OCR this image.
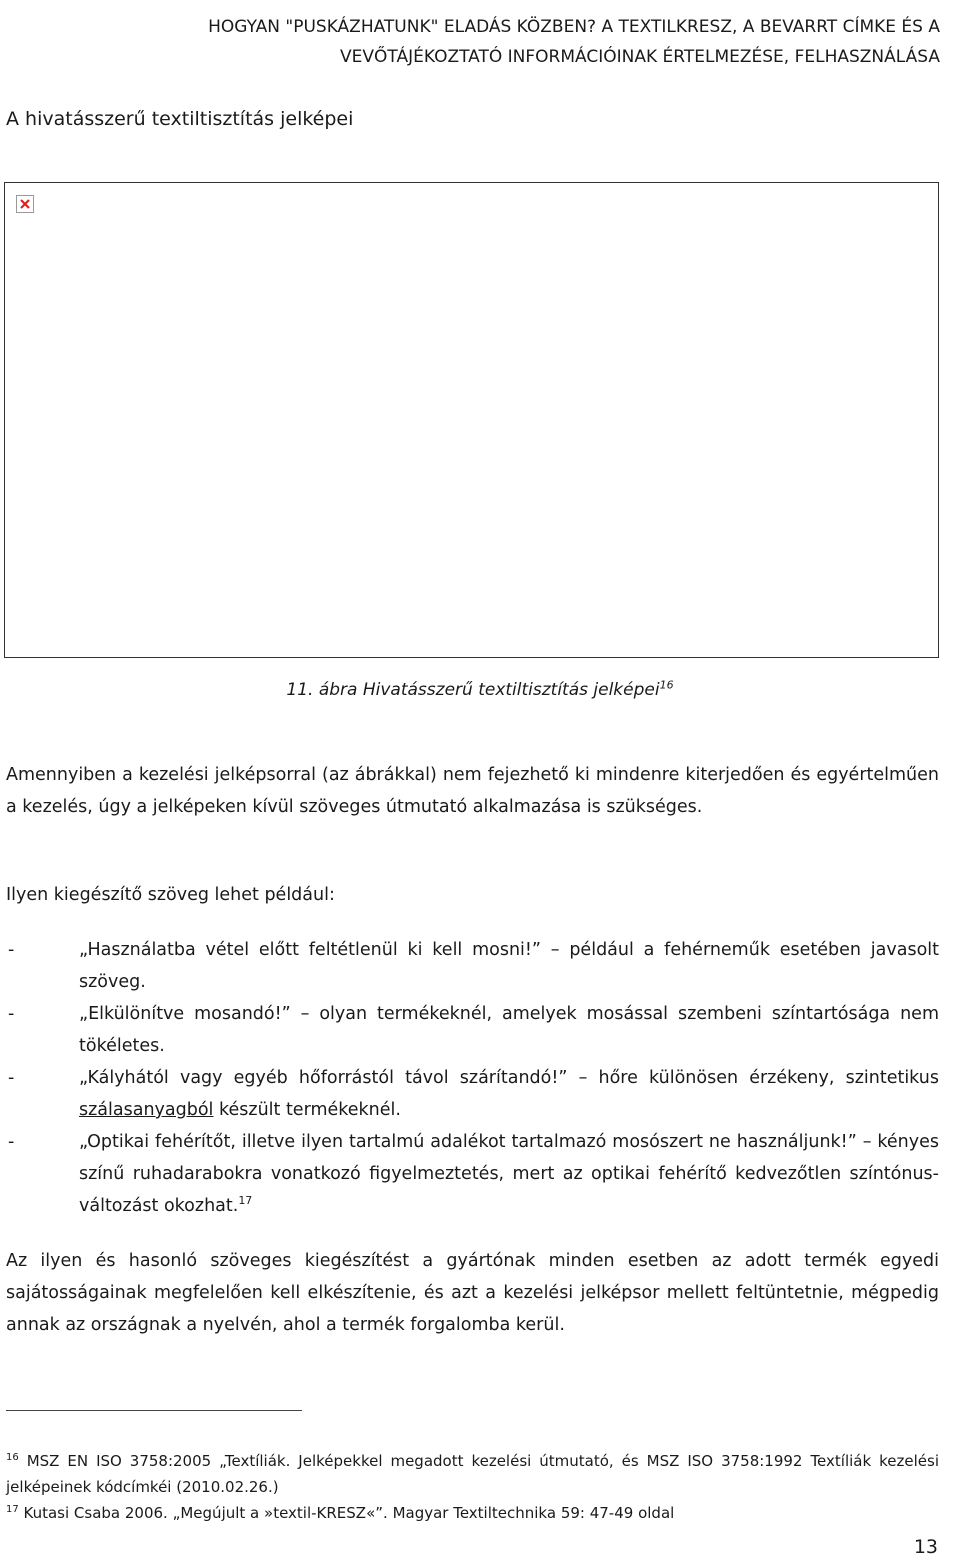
HOGYAN "PUSKÁZHATUNK" ELADÁS KÖZBEN? A TEXTILKRESZ, A BEVARRT CÍMKE ÉS A
VEVŐTÁJÉKOZTATÓ INFORMÁCIÓINAK ÉRTELMEZÉSE, FELHASZNÁLÁSA
A hivatásszerű textiltisztítás jelképei
11. ábra Hivatásszerű textiltisztítás jelképei$^{16}$
Amennyiben a kezelési jelképsorral (az ábrákkal) nem fejezhető ki mindenre kiterjedően és egyértelműen a kezelés, úgy a jelképeken kívül szöveges útmutató alkalmazása is szükséges.
Ilyen kiegészítő szöveg lehet például:
-	„Használatba vétel előtt feltétlenül ki kell mosni!” – például a fehérneműk esetében javasolt szöveg.
-	„Elkülönítve mosandó!” – olyan termékeknél, amelyek mosással szembeni színtartósága nem tökéletes.
-	„Kályhától vagy egyéb hőforrástól távol szárítandó!” – hőre különösen érzékeny, szintetikus szálasanyagból készült termékeknél.
-	„Optikai fehérítőt, illetve ilyen tartalmú adalékot tartalmazó mosószert ne használjunk!” – kényes színű ruhadarabokra vonatkozó figyelmeztetés, mert az optikai fehérítő kedvezőtlen színtónus-változást okozhat.$^{17}$
Az ilyen és hasonló szöveges kiegészítést a gyártónak minden esetben az adott termék egyedi sajátosságainak megfelelően kell elkészítenie, és azt a kezelési jelképsor mellett feltüntetnie, mégpedig annak az országnak a nyelvén, ahol a termék forgalomba kerül.
$^{16}$ MSZ EN ISO 3758:2005 „Textíliák. Jelképekkel megadott kezelési útmutató, és MSZ ISO 3758:1992 Textíliák kezelési jelképeinek kódcímkéi (2010.02.26.)
$^{17}$ Kutasi Csaba 2006. „Megújult a »textil-KRESZ«”. Magyar Textiltechnika 59: 47-49 oldal
13
